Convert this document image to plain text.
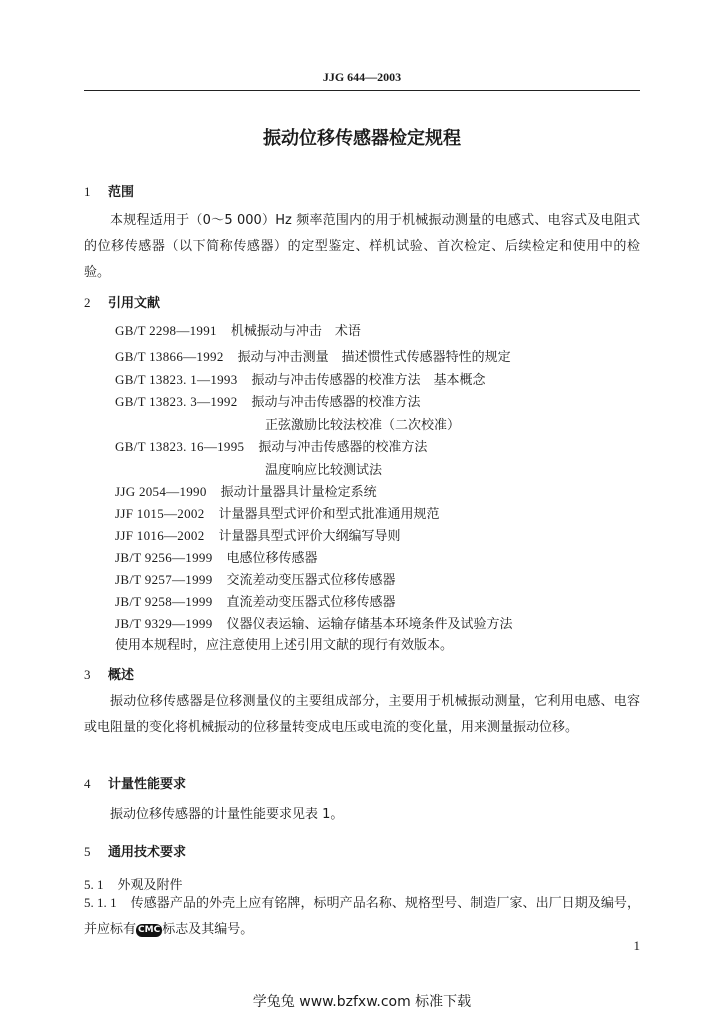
JJG 644—2003
振动位移传感器检定规程
1 范围
本规程适用于（0～5 000）Hz 频率范围内的用于机械振动测量的电感式、电容式及电阻式的位移传感器（以下简称传感器）的定型鉴定、样机试验、首次检定、后续检定和使用中的检验。
2 引用文献
GB/T 2298—1991 机械振动与冲击　术语
GB/T 13866—1992 振动与冲击测量　描述惯性式传感器特性的规定
GB/T 13823. 1—1993 振动与冲击传感器的校准方法　基本概念
GB/T 13823. 3—1992 振动与冲击传感器的校准方法
正弦激励比较法校准（二次校准）
GB/T 13823. 16—1995 振动与冲击传感器的校准方法
温度响应比较测试法
JJG 2054—1990 振动计量器具计量检定系统
JJF 1015—2002 计量器具型式评价和型式批准通用规范
JJF 1016—2002 计量器具型式评价大纲编写导则
JB/T 9256—1999 电感位移传感器
JB/T 9257—1999 交流差动变压器式位移传感器
JB/T 9258—1999 直流差动变压器式位移传感器
JB/T 9329—1999 仪器仪表运输、运输存储基本环境条件及试验方法
使用本规程时，应注意使用上述引用文献的现行有效版本。
3 概述
振动位移传感器是位移测量仪的主要组成部分，主要用于机械振动测量，它利用电感、电容或电阻量的变化将机械振动的位移量转变成电压或电流的变化量，用来测量振动位移。
4 计量性能要求
振动位移传感器的计量性能要求见表 1。
5 通用技术要求
5. 1 外观及附件
5. 1. 1 传感器产品的外壳上应有铭牌，标明产品名称、规格型号、制造厂家、出厂日期及编号，并应标有 CMC 标志及其编号。
1
学兔兔 www.bzfxw.com 标准下载
